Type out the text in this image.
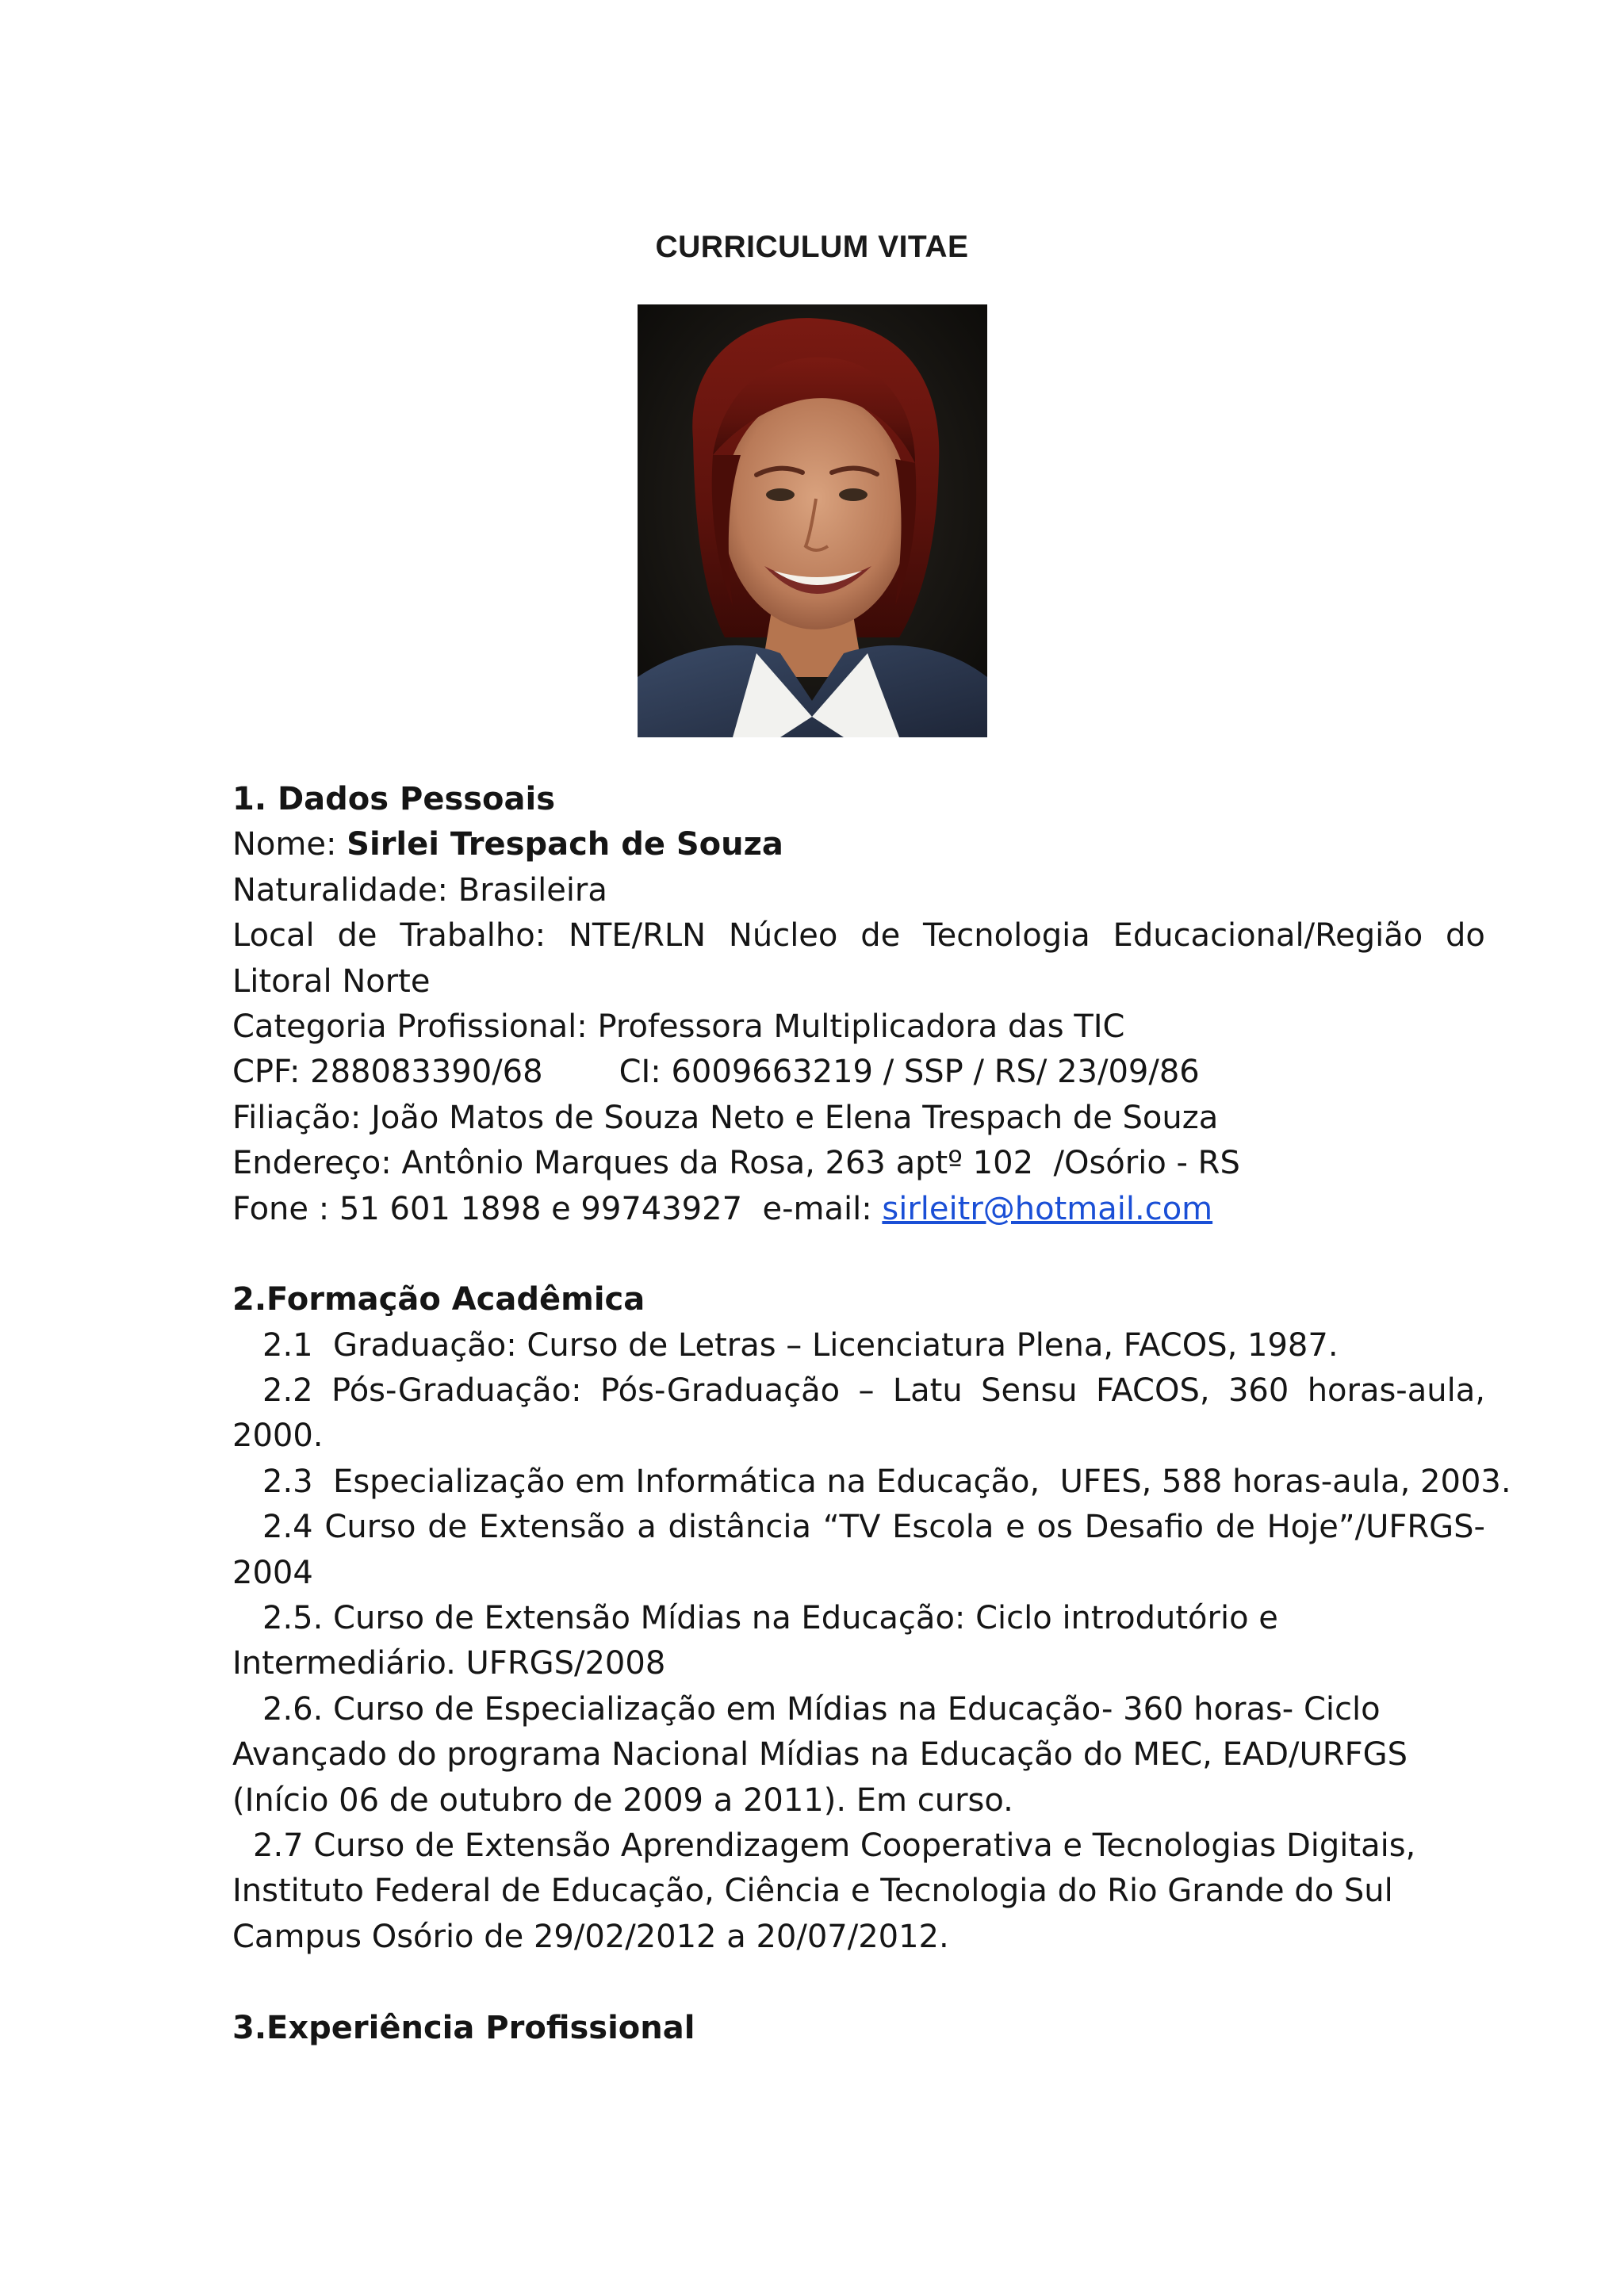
CURRICULUM VITAE
1. Dados Pessoais
Nome: Sirlei Trespach de Souza
Naturalidade: Brasileira
Local de Trabalho: NTE/RLN Núcleo de Tecnologia Educacional/Região do
Litoral Norte
Categoria Profissional: Professora Multiplicadora das TIC
CPF: 288083390/68 CI: 6009663219 / SSP / RS/ 23/09/86
Filiação: João Matos de Souza Neto e Elena Trespach de Souza
Endereço: Antônio Marques da Rosa, 263 aptº 102  /Osório - RS
Fone : 51 601 1898 e 99743927  e-mail: sirleitr@hotmail.com
2.Formação Acadêmica
2.1  Graduação: Curso de Letras – Licenciatura Plena, FACOS, 1987.
2.2 Pós-Graduação: Pós-Graduação – Latu Sensu FACOS, 360 horas-aula,
2000.
2.3  Especialização em Informática na Educação,  UFES, 588 horas-aula, 2003.
2.4 Curso de Extensão a distância “TV Escola e os Desafio de Hoje”/UFRGS-
2004
2.5. Curso de Extensão Mídias na Educação: Ciclo introdutório e
Intermediário. UFRGS/2008
2.6. Curso de Especialização em Mídias na Educação- 360 horas- Ciclo
Avançado do programa Nacional Mídias na Educação do MEC, EAD/URFGS
(Início 06 de outubro de 2009 a 2011). Em curso.
2.7 Curso de Extensão Aprendizagem Cooperativa e Tecnologias Digitais,
Instituto Federal de Educação, Ciência e Tecnologia do Rio Grande do Sul
Campus Osório de 29/02/2012 a 20/07/2012.
3.Experiência Profissional
